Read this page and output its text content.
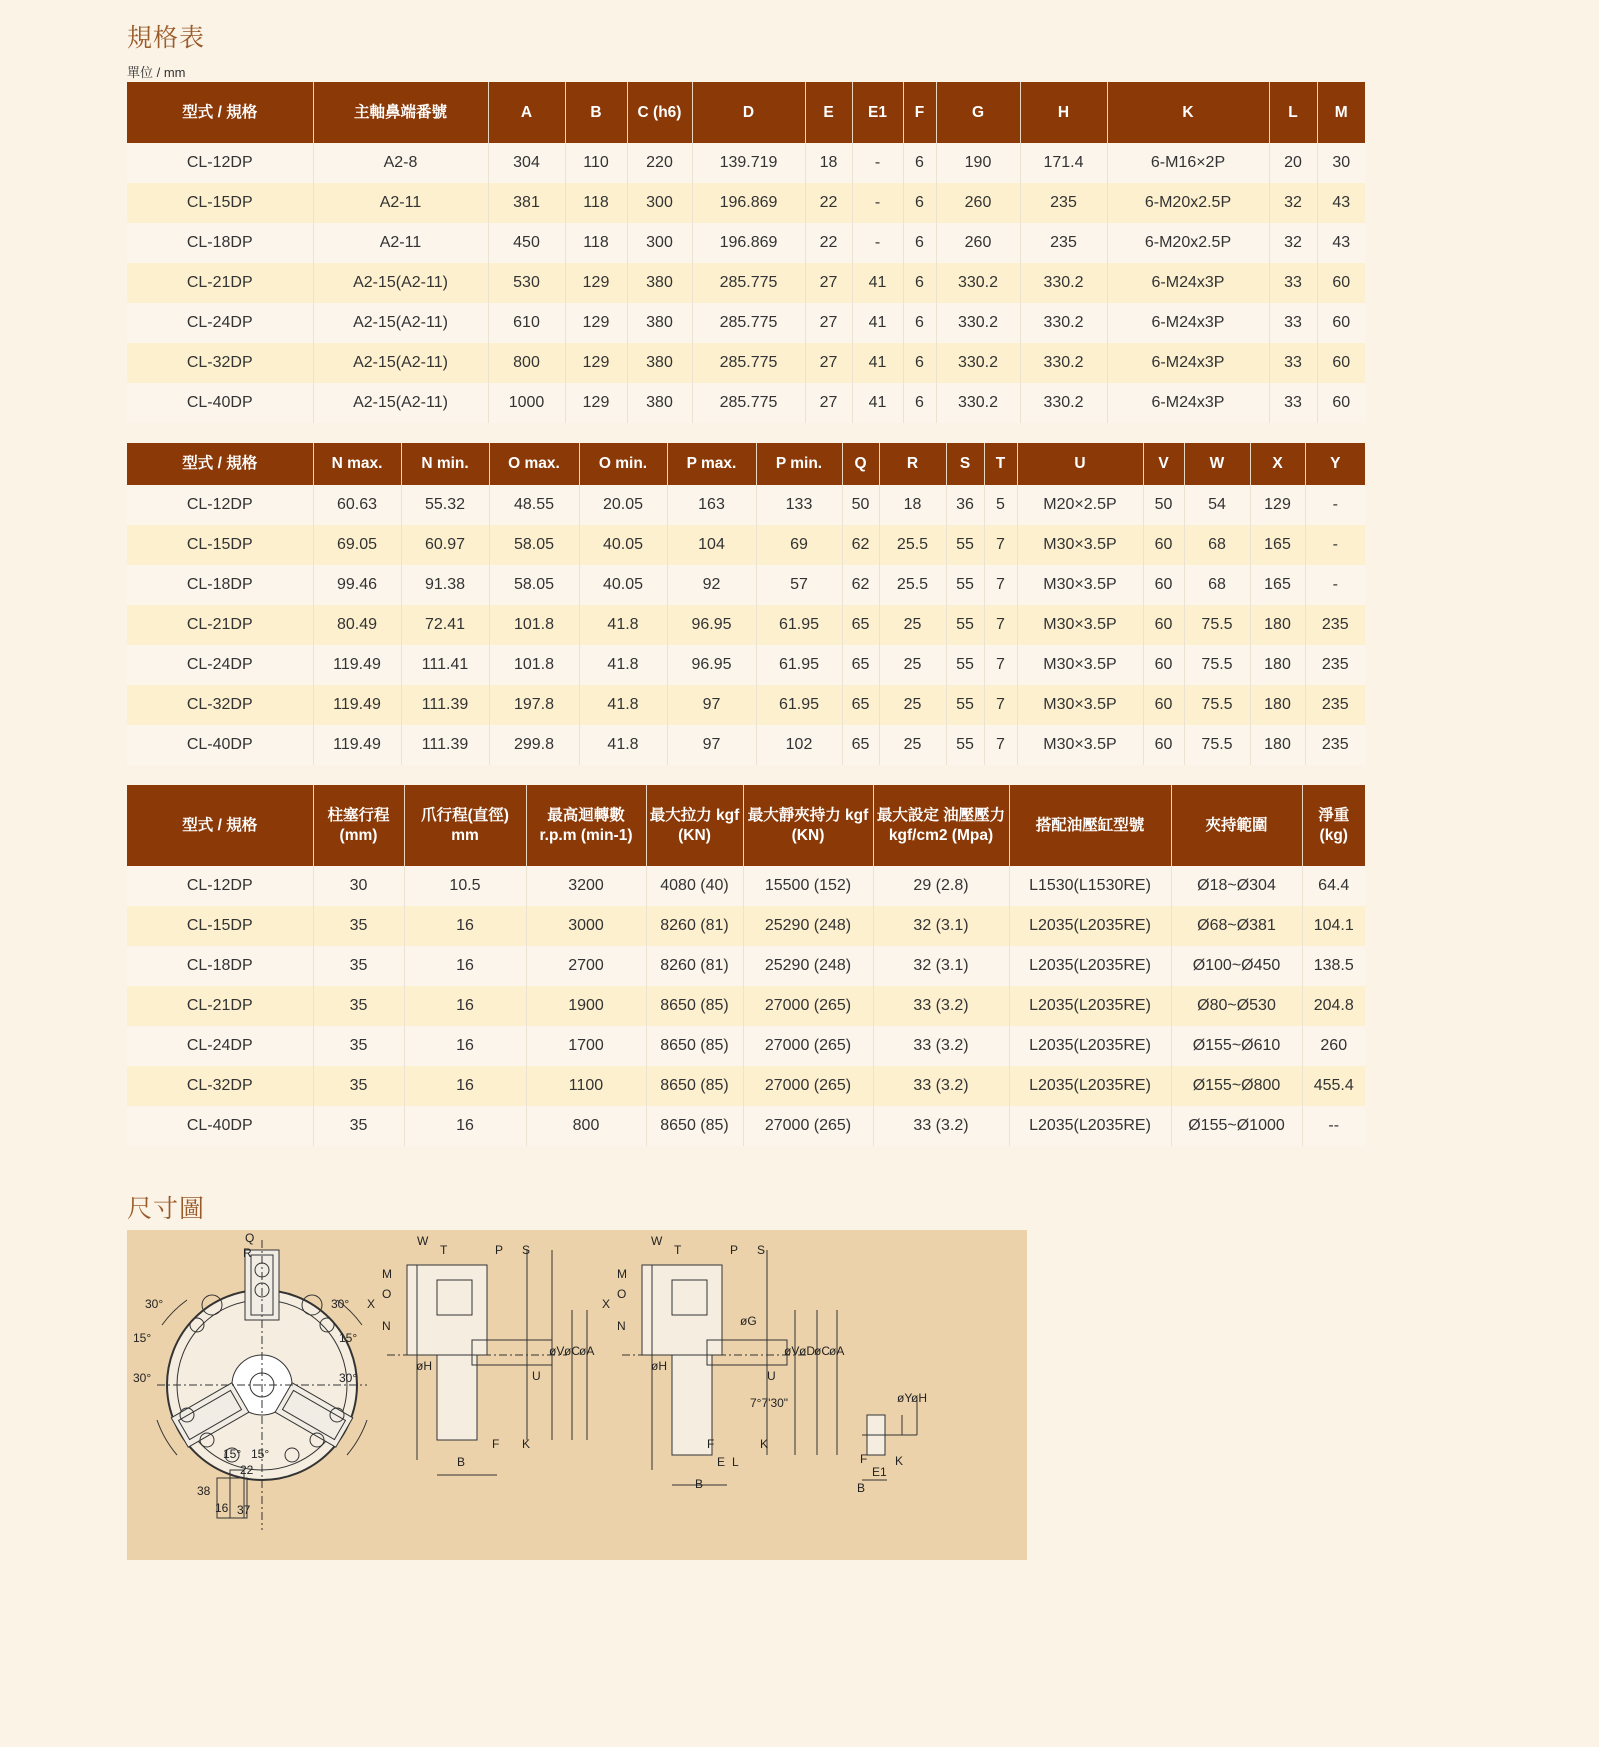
規格表
單位 / mm
型式 / 規格	主軸鼻端番號	A	B	C (h6)	D	E	E1	F	G	H	K	L	M
CL-12DP	A2-8	304	110	220	139.719	18	-	6	190	171.4	6-M16×2P	20	30
CL-15DP	A2-11	381	118	300	196.869	22	-	6	260	235	6-M20x2.5P	32	43
CL-18DP	A2-11	450	118	300	196.869	22	-	6	260	235	6-M20x2.5P	32	43
CL-21DP	A2-15(A2-11)	530	129	380	285.775	27	41	6	330.2	330.2	6-M24x3P	33	60
CL-24DP	A2-15(A2-11)	610	129	380	285.775	27	41	6	330.2	330.2	6-M24x3P	33	60
CL-32DP	A2-15(A2-11)	800	129	380	285.775	27	41	6	330.2	330.2	6-M24x3P	33	60
CL-40DP	A2-15(A2-11)	1000	129	380	285.775	27	41	6	330.2	330.2	6-M24x3P	33	60
型式 / 規格	N max.	N min.	O max.	O min.	P max.	P min.	Q	R	S	T	U	V	W	X	Y
CL-12DP	60.63	55.32	48.55	20.05	163	133	50	18	36	5	M20×2.5P	50	54	129	-
CL-15DP	69.05	60.97	58.05	40.05	104	69	62	25.5	55	7	M30×3.5P	60	68	165	-
CL-18DP	99.46	91.38	58.05	40.05	92	57	62	25.5	55	7	M30×3.5P	60	68	165	-
CL-21DP	80.49	72.41	101.8	41.8	96.95	61.95	65	25	55	7	M30×3.5P	60	75.5	180	235
CL-24DP	119.49	111.41	101.8	41.8	96.95	61.95	65	25	55	7	M30×3.5P	60	75.5	180	235
CL-32DP	119.49	111.39	197.8	41.8	97	61.95	65	25	55	7	M30×3.5P	60	75.5	180	235
CL-40DP	119.49	111.39	299.8	41.8	97	102	65	25	55	7	M30×3.5P	60	75.5	180	235
型式 / 規格	柱塞行程 (mm)	爪行程(直徑) mm	最高迴轉數 r.p.m (min-1)	最大拉力 kgf (KN)	最大靜夾持力 kgf (KN)	最大設定 油壓壓力 kgf/cm2 (Mpa)	搭配油壓缸型號	夾持範圍	淨重 (kg)
CL-12DP	30	10.5	3200	4080 (40)	15500 (152)	29 (2.8)	L1530(L1530RE)	Ø18~Ø304	64.4
CL-15DP	35	16	3000	8260 (81)	25290 (248)	32 (3.1)	L2035(L2035RE)	Ø68~Ø381	104.1
CL-18DP	35	16	2700	8260 (81)	25290 (248)	32 (3.1)	L2035(L2035RE)	Ø100~Ø450	138.5
CL-21DP	35	16	1900	8650 (85)	27000 (265)	33 (3.2)	L2035(L2035RE)	Ø80~Ø530	204.8
CL-24DP	35	16	1700	8650 (85)	27000 (265)	33 (3.2)	L2035(L2035RE)	Ø155~Ø610	260
CL-32DP	35	16	1100	8650 (85)	27000 (265)	33 (3.2)	L2035(L2035RE)	Ø155~Ø800	455.4
CL-40DP	35	16	800	8650 (85)	27000 (265)	33 (3.2)	L2035(L2035RE)	Ø155~Ø1000	--
尺寸圖
Q
R
30°	30°
15°	15°
30°	30°
15° 15°
22
38
16 37
W
T	P S
X
O
M
N
øH
øV øC øA
U
F K
B
W
T	P S
X
O
M
N	øG
øH
øV øD øC øA
U
7°7'30"
F	K
E L
B
øY
øH
F
E1
K
B
